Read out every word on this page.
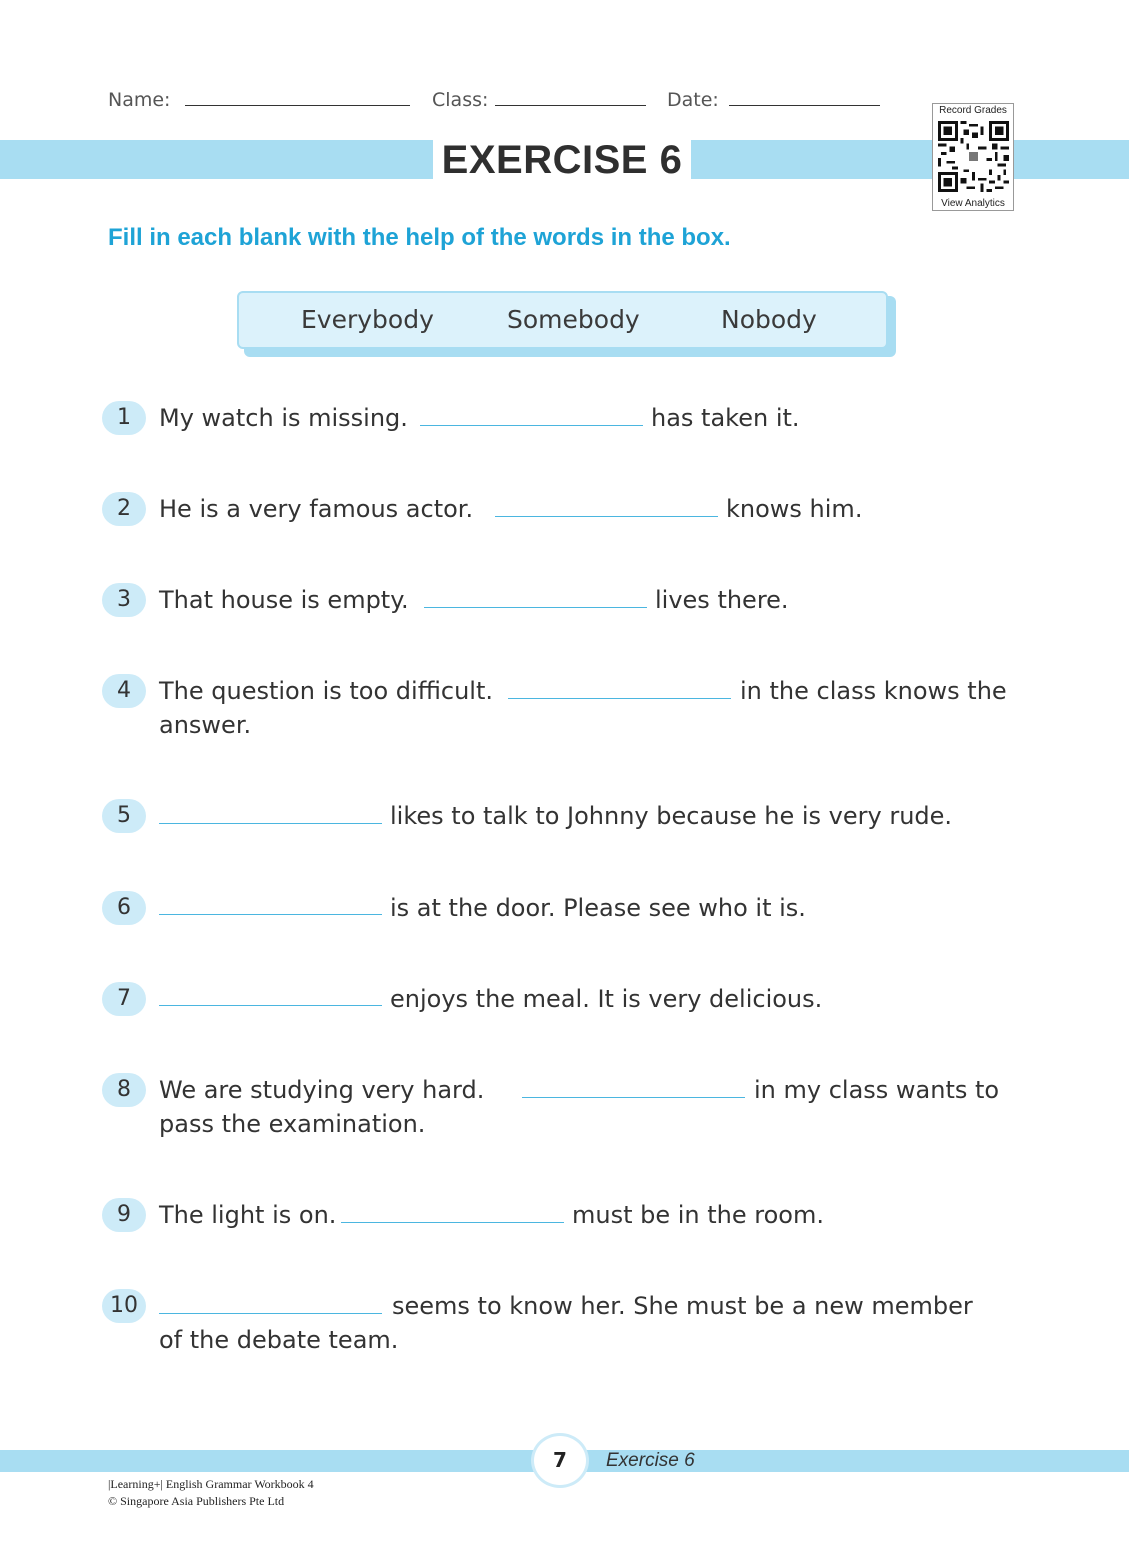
Name:	Class:	Date:
EXERCISE 6
Record Grades
View Analytics
Fill in each blank with the help of the words in the box.
Everybody	Somebody	Nobody
1	My watch is missing.	has taken it.
2	He is a very famous actor.	knows him.
3	That house is empty.	lives there.
4	The question is too difficult.	in the class knows the
answer.
5	likes to talk to Johnny because he is very rude.
6	is at the door. Please see who it is.
7	enjoys the meal. It is very delicious.
8	We are studying very hard.	in my class wants to
pass the examination.
9	The light is on.	must be in the room.
10	seems to know her. She must be a new member
of the debate team.
7	Exercise 6
|Learning+| English Grammar Workbook 4
© Singapore Asia Publishers Pte Ltd
